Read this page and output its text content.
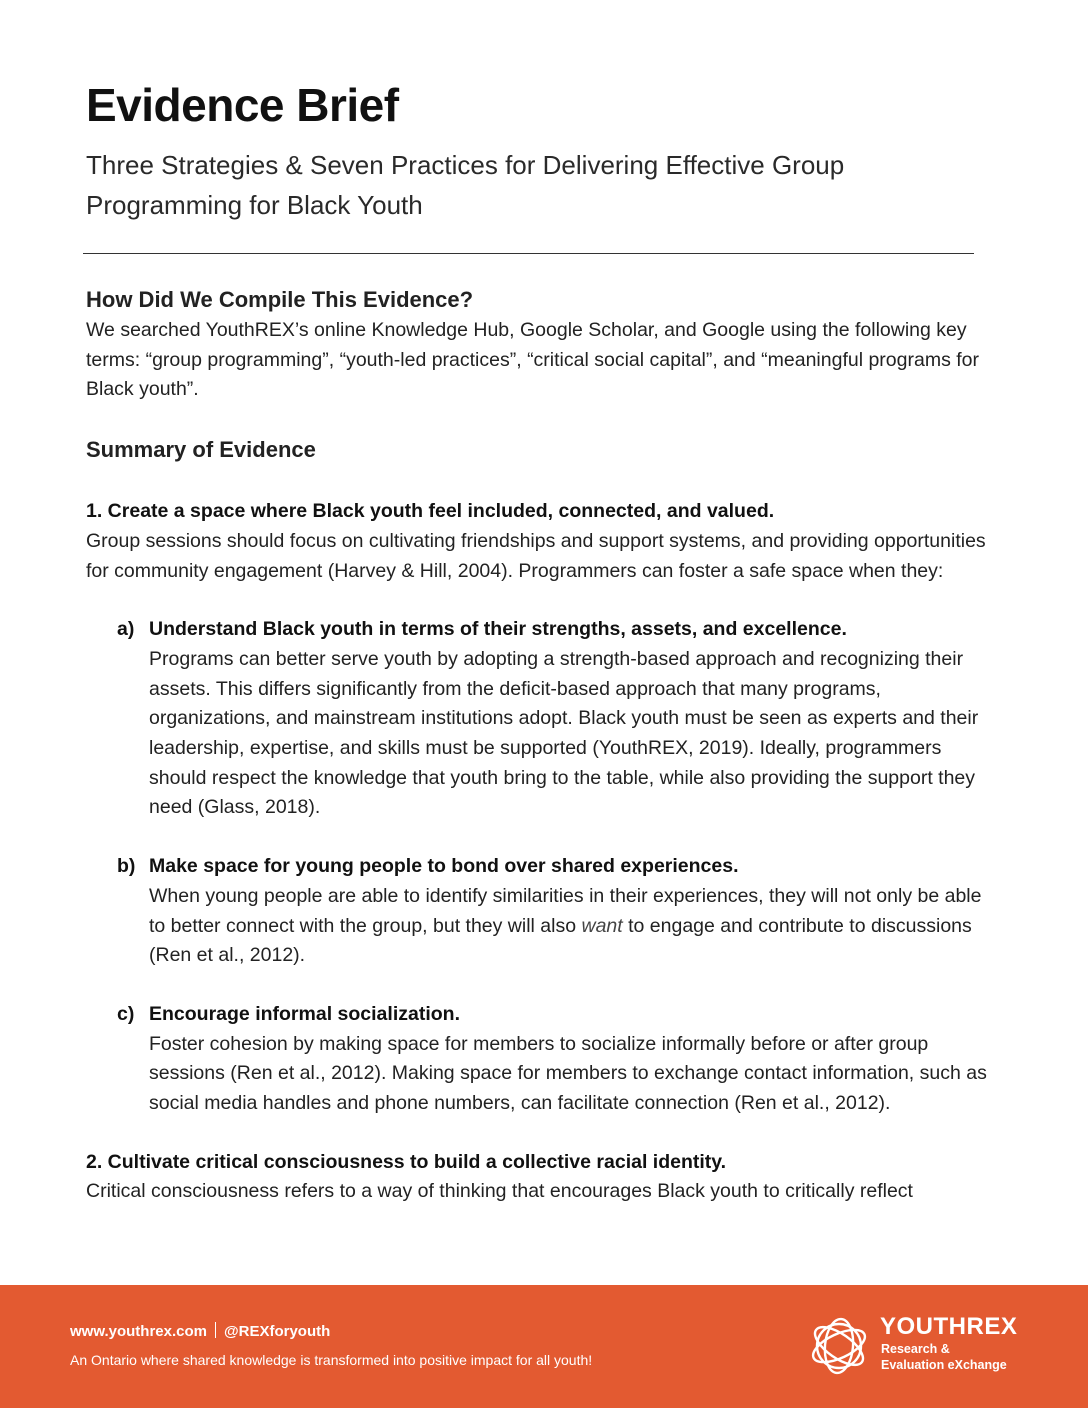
Evidence Brief
Three Strategies & Seven Practices for Delivering Effective Group Programming for Black Youth
How Did We Compile This Evidence?

We searched YouthREX’s online Knowledge Hub, Google Scholar, and Google using the following key terms: “group programming”, “youth-led practices”, “critical social capital”, and “meaningful programs for Black youth”.

Summary of Evidence
1. Create a space where Black youth feel included, connected, and valued.

Group sessions should focus on cultivating friendships and support systems, and providing opportunities for community engagement (Harvey & Hill, 2004). Programmers can foster a safe space when they:

a) Understand Black youth in terms of their strengths, assets, and excellence.

Programs can better serve youth by adopting a strength-based approach and recognizing their assets. This differs significantly from the deficit-based approach that many programs, organizations, and mainstream institutions adopt. Black youth must be seen as experts and their leadership, expertise, and skills must be supported (YouthREX, 2019). Ideally, programmers should respect the knowledge that youth bring to the table, while also providing the support they need (Glass, 2018).

b) Make space for young people to bond over shared experiences.

When young people are able to identify similarities in their experiences, they will not only be able to better connect with the group, but they will also want to engage and contribute to discussions (Ren et al., 2012).

c) Encourage informal socialization.

Foster cohesion by making space for members to socialize informally before or after group sessions (Ren et al., 2012). Making space for members to exchange contact information, such as social media handles and phone numbers, can facilitate connection (Ren et al., 2012).

2. Cultivate critical consciousness to build a collective racial identity.

Critical consciousness refers to a way of thinking that encourages Black youth to critically reflect

www.youthrex.com @REXforyouth
An Ontario where shared knowledge is transformed into positive impact for all youth!
YOUTHREX
Research &
Evaluation eXchange
